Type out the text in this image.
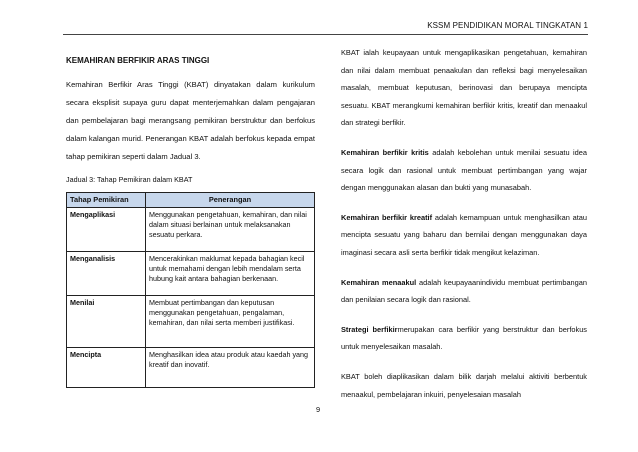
KSSM PENDIDIKAN MORAL TINGKATAN 1
KEMAHIRAN BERFIKIR ARAS TINGGI

Kemahiran Berfikir Aras Tinggi (KBAT) dinyatakan dalam kurikulum secara eksplisit supaya guru dapat menterjemahkan dalam pengajaran dan pembelajaran bagi merangsang pemikiran berstruktur dan berfokus dalam kalangan murid. Penerangan KBAT adalah berfokus kepada empat tahap pemikiran seperti dalam Jadual 3.

Jadual 3: Tahap Pemikiran dalam KBAT
Tahap Pemikiran	Penerangan
Mengaplikasi	Menggunakan pengetahuan, kemahiran, dan nilai dalam situasi berlainan untuk melaksanakan sesuatu perkara.
Menganalisis	Mencerakinkan maklumat kepada bahagian kecil untuk memahami dengan lebih mendalam serta hubung kait antara bahagian berkenaan.
Menilai	Membuat pertimbangan dan keputusan menggunakan pengetahuan, pengalaman, kemahiran, dan nilai serta memberi justifikasi.
Mencipta	Menghasilkan idea atau produk atau kaedah yang kreatif dan inovatif.

KBAT ialah keupayaan untuk mengaplikasikan pengetahuan, kemahiran dan nilai dalam membuat penaakulan dan refleksi bagi menyelesaikan masalah, membuat keputusan, berinovasi dan berupaya mencipta sesuatu. KBAT merangkumi kemahiran berfikir kritis, kreatif dan menaakul dan strategi berfikir.

Kemahiran berfikir kritis adalah kebolehan untuk menilai sesuatu idea secara logik dan rasional untuk membuat pertimbangan yang wajar dengan menggunakan alasan dan bukti yang munasabah.

Kemahiran berfikir kreatif adalah kemampuan untuk menghasilkan atau mencipta sesuatu yang baharu dan bernilai dengan menggunakan daya imaginasi secara asli serta berfikir tidak mengikut kelaziman.

Kemahiran menaakul adalah keupayaanindividu membuat pertimbangan dan penilaian secara logik dan rasional.

Strategi berfikirmerupakan cara berfikir yang berstruktur dan berfokus untuk menyelesaikan masalah.

KBAT boleh diaplikasikan dalam bilik darjah melalui aktiviti berbentuk menaakul, pembelajaran inkuiri, penyelesaian masalah

9
